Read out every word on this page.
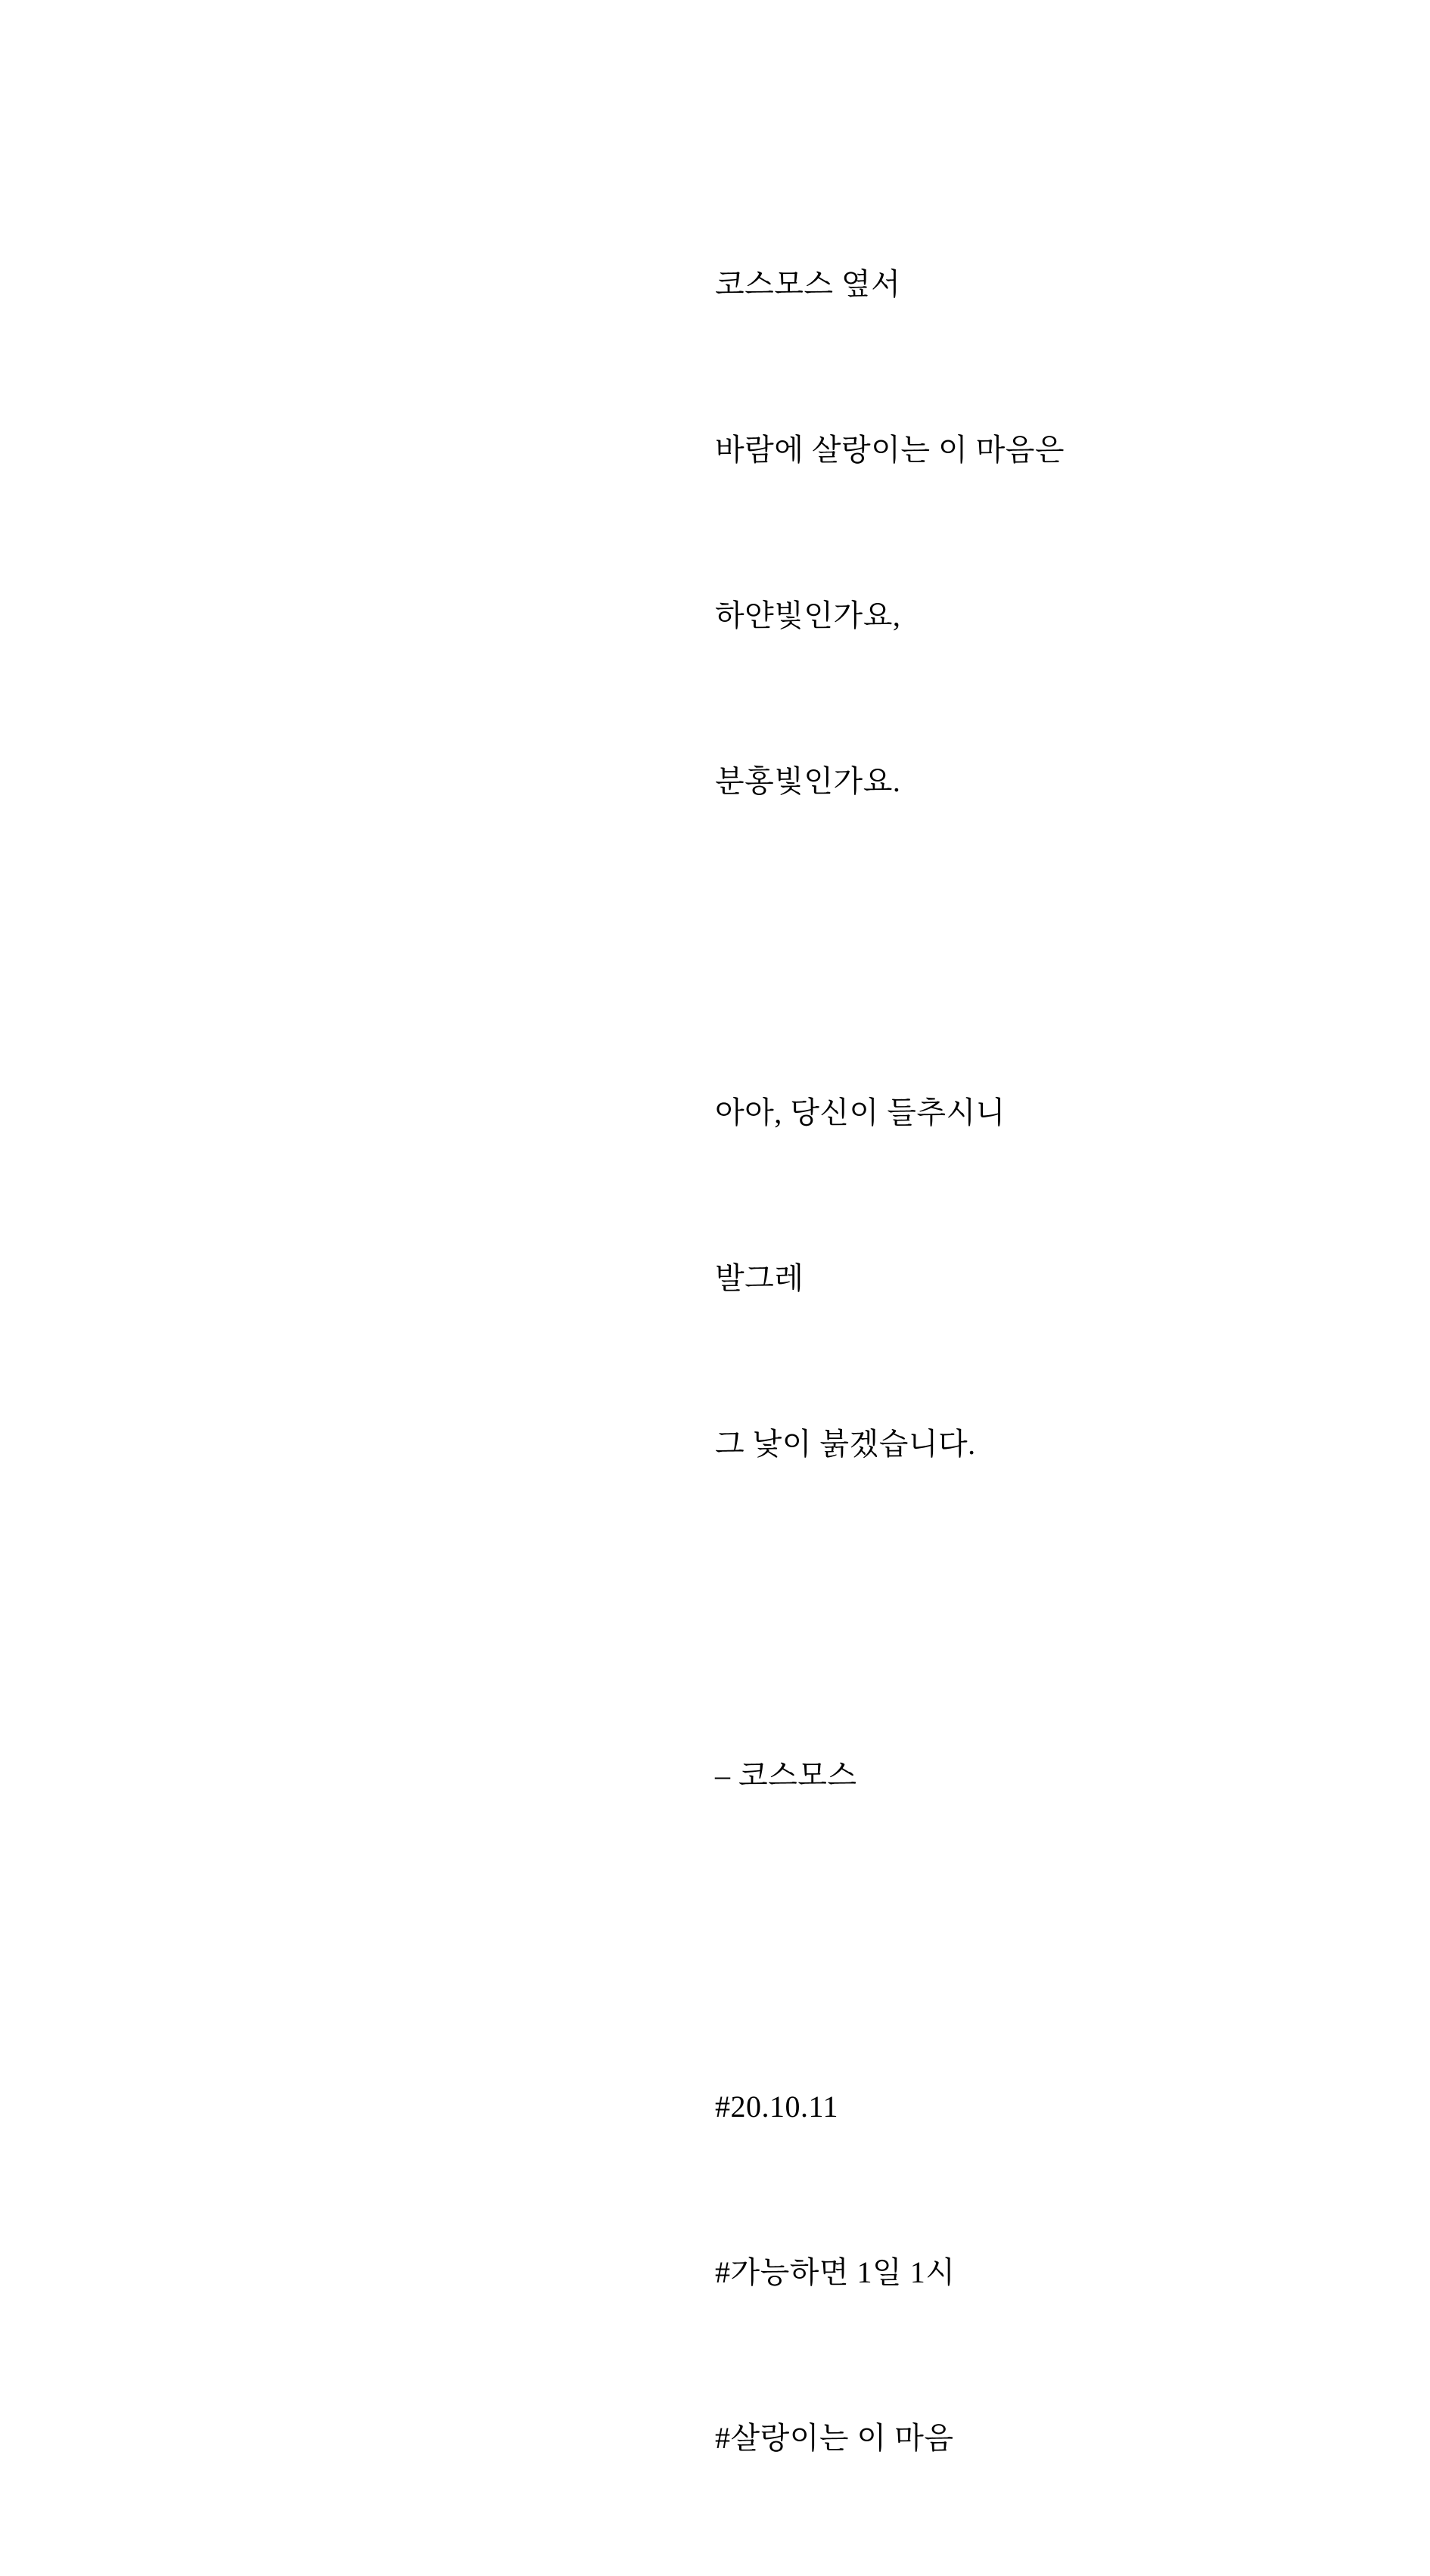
코스모스 옆서

바람에 살랑이는 이 마음은

하얀빛인가요,

분홍빛인가요.

아아, 당신이 들추시니

발그레

그 낯이 붉겠습니다.

– 코스모스

#20.10.11

#가능하면 1일 1시

#살랑이는 이 마음
